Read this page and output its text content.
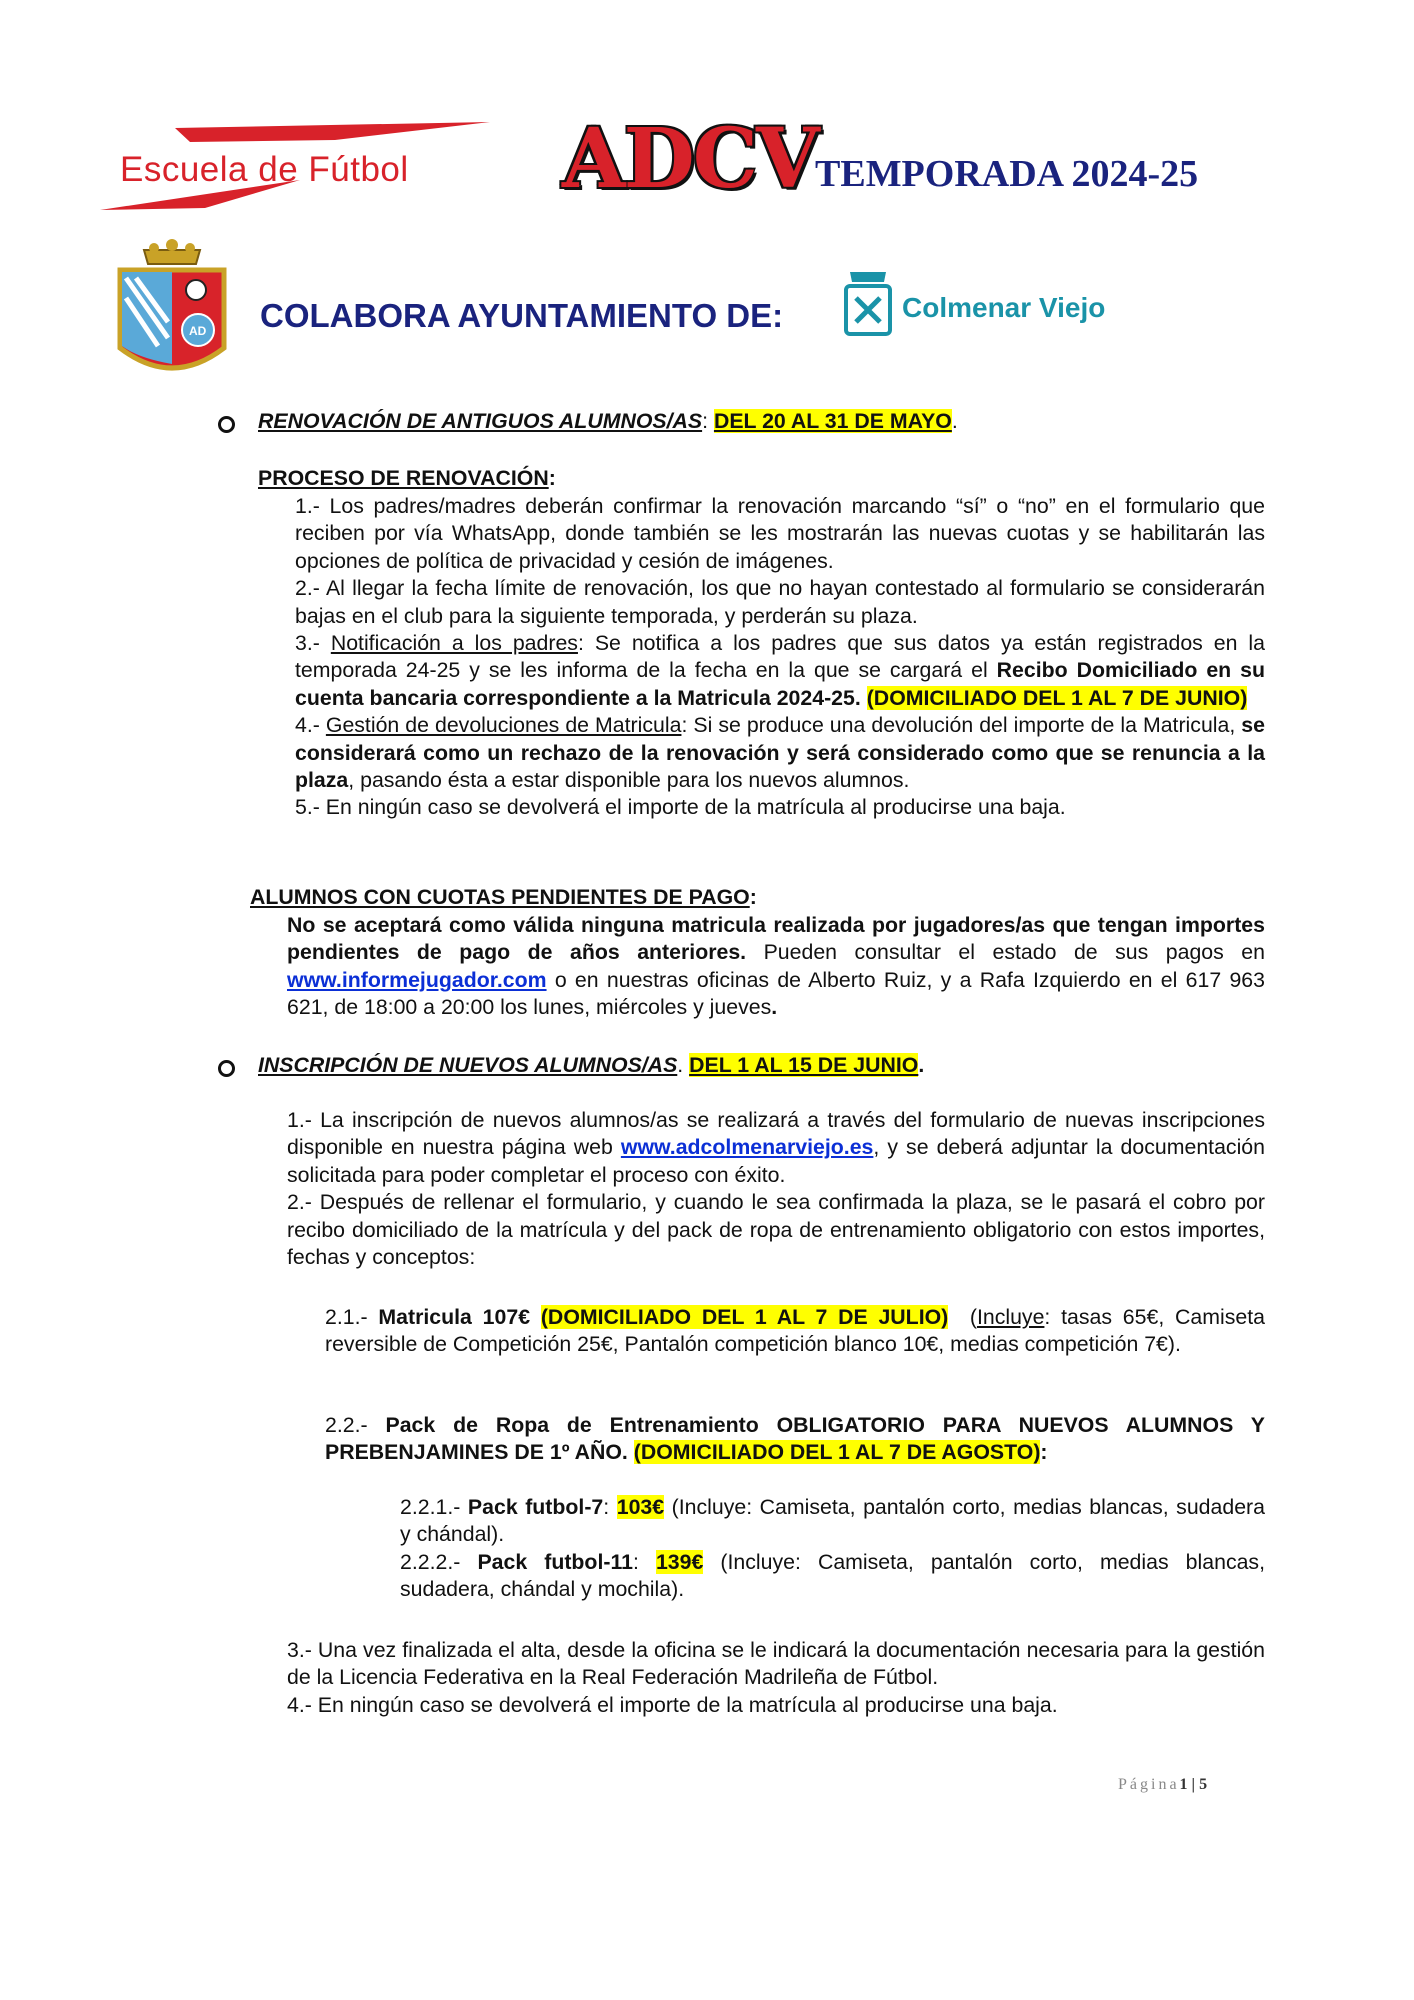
Escuela de Fútbol ADCV
TEMPORADA 2024-25
AD COLABORA AYUNTAMIENTO DE:	Colmenar Viejo
RENOVACIÓN DE ANTIGUOS ALUMNOS/AS: DEL 20 AL 31 DE MAYO.
PROCESO DE RENOVACIÓN:
1.- Los padres/madres deberán confirmar la renovación marcando “sí” o “no” en el formulario que reciben por vía WhatsApp, donde también se les mostrarán las nuevas cuotas y se habilitarán las opciones de política de privacidad y cesión de imágenes.
2.- Al llegar la fecha límite de renovación, los que no hayan contestado al formulario se considerarán bajas en el club para la siguiente temporada, y perderán su plaza.
3.- Notificación a los padres: Se notifica a los padres que sus datos ya están registrados en la temporada 24-25 y se les informa de la fecha en la que se cargará el Recibo Domiciliado en su cuenta bancaria correspondiente a la Matricula 2024-25. (DOMICILIADO DEL 1 AL 7 DE JUNIO)
4.- Gestión de devoluciones de Matricula: Si se produce una devolución del importe de la Matricula, se considerará como un rechazo de la renovación y será considerado como que se renuncia a la plaza, pasando ésta a estar disponible para los nuevos alumnos.
5.- En ningún caso se devolverá el importe de la matrícula al producirse una baja.
ALUMNOS CON CUOTAS PENDIENTES DE PAGO:
No se aceptará como válida ninguna matricula realizada por jugadores/as que tengan importes pendientes de pago de años anteriores. Pueden consultar el estado de sus pagos en www.informejugador.com o en nuestras oficinas de Alberto Ruiz, y a Rafa Izquierdo en el 617 963 621, de 18:00 a 20:00 los lunes, miércoles y jueves.
INSCRIPCIÓN DE NUEVOS ALUMNOS/AS. DEL 1 AL 15 DE JUNIO.
1.- La inscripción de nuevos alumnos/as se realizará a través del formulario de nuevas inscripciones disponible en nuestra página web www.adcolmenarviejo.es, y se deberá adjuntar la documentación solicitada para poder completar el proceso con éxito.
2.- Después de rellenar el formulario, y cuando le sea confirmada la plaza, se le pasará el cobro por recibo domiciliado de la matrícula y del pack de ropa de entrenamiento obligatorio con estos importes, fechas y conceptos:
2.1.- Matricula 107€ (DOMICILIADO DEL 1 AL 7 DE JULIO)  (Incluye: tasas 65€, Camiseta reversible de Competición 25€, Pantalón competición blanco 10€, medias competición 7€).
2.2.- Pack de Ropa de Entrenamiento OBLIGATORIO PARA NUEVOS ALUMNOS Y PREBENJAMINES DE 1º AÑO. (DOMICILIADO DEL 1 AL 7 DE AGOSTO):
2.2.1.- Pack futbol-7: 103€ (Incluye: Camiseta, pantalón corto, medias blancas, sudadera y chándal).
2.2.2.- Pack futbol-11: 139€ (Incluye: Camiseta, pantalón corto, medias blancas, sudadera, chándal y mochila).
3.- Una vez finalizada el alta, desde la oficina se le indicará la documentación necesaria para la gestión de la Licencia Federativa en la Real Federación Madrileña de Fútbol.
4.- En ningún caso se devolverá el importe de la matrícula al producirse una baja.
Página1 | 5
